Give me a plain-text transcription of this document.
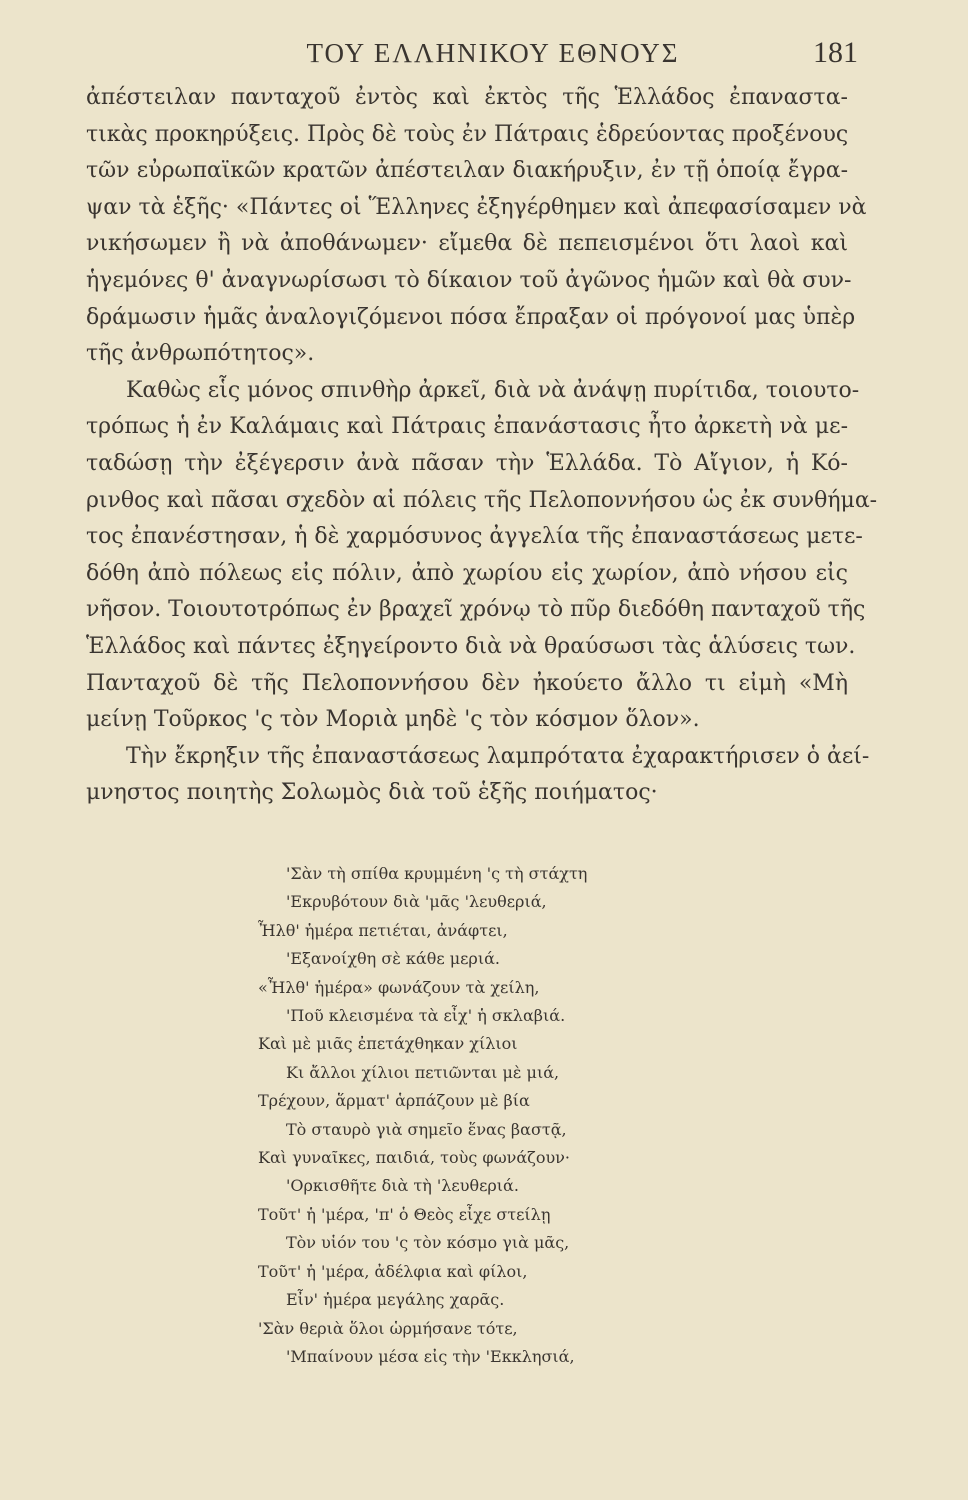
ΤΟΥ ΕΛΛΗΝΙΚΟΥ ΕΘΝΟΥΣ	181

ἀπέστειλαν πανταχοῦ ἐντὸς καὶ ἐκτὸς τῆς Ἑλλάδος ἐπαναστα-
τικὰς προκηρύξεις. Πρὸς δὲ τοὺς ἐν Πάτραις ἑδρεύοντας προξένους
τῶν εὐρωπαϊκῶν κρατῶν ἀπέστειλαν διακήρυξιν, ἐν τῇ ὁποίᾳ ἔγρα-
ψαν τὰ ἑξῆς· «Πάντες οἱ Ἕλληνες ἐξηγέρθημεν καὶ ἀπεφασίσαμεν νὰ
νικήσωμεν ἢ νὰ ἀποθάνωμεν· εἴμεθα δὲ πεπεισμένοι ὅτι λαοὶ καὶ
ἡγεμόνες θ' ἀναγνωρίσωσι τὸ δίκαιον τοῦ ἀγῶνος ἡμῶν καὶ θὰ συν-
δράμωσιν ἡμᾶς ἀναλογιζόμενοι πόσα ἔπραξαν οἱ πρόγονοί μας ὑπὲρ
τῆς ἀνθρωπότητος».

Καθὼς εἷς μόνος σπινθὴρ ἀρκεῖ, διὰ νὰ ἀνάψῃ πυρίτιδα, τοιουτο-
τρόπως ἡ ἐν Καλάμαις καὶ Πάτραις ἐπανάστασις ἦτο ἀρκετὴ νὰ με-
ταδώσῃ τὴν ἐξέγερσιν ἀνὰ πᾶσαν τὴν Ἑλλάδα. Τὸ Αἴγιον, ἡ Κό-
ρινθος καὶ πᾶσαι σχεδὸν αἱ πόλεις τῆς Πελοποννήσου ὡς ἐκ συνθήμα-
τος ἐπανέστησαν, ἡ δὲ χαρμόσυνος ἀγγελία τῆς ἐπαναστάσεως μετε-
δόθη ἀπὸ πόλεως εἰς πόλιν, ἀπὸ χωρίου εἰς χωρίον, ἀπὸ νήσου εἰς
νῆσον. Τοιουτοτρόπως ἐν βραχεῖ χρόνῳ τὸ πῦρ διεδόθη πανταχοῦ τῆς
Ἑλλάδος καὶ πάντες ἐξηγείροντο διὰ νὰ θραύσωσι τὰς ἁλύσεις των.
Πανταχοῦ δὲ τῆς Πελοποννήσου δὲν ἠκούετο ἄλλο τι εἰμὴ «Μὴ
μείνῃ Τοῦρκος 'ς τὸν Μοριὰ μηδὲ 'ς τὸν κόσμον ὅλον».

Τὴν ἔκρηξιν τῆς ἐπαναστάσεως λαμπρότατα ἐχαρακτήρισεν ὁ ἀεί-
μνηστος ποιητὴς Σολωμὸς διὰ τοῦ ἑξῆς ποιήματος·

'Σὰν τὴ σπίθα κρυμμένη 'ς τὴ στάχτη
'Εκρυβότουν διὰ 'μᾶς 'λευθεριά,
Ἦλθ' ἡμέρα πετιέται, ἀνάφτει,
'Εξανοίχθη σὲ κάθε μεριά.
«Ἦλθ' ἡμέρα» φωνάζουν τὰ χείλη,
'Ποῦ κλεισμένα τὰ εἶχ' ἡ σκλαβιά.
Καὶ μὲ μιᾶς ἐπετάχθηκαν χίλιοι
Κι ἄλλοι χίλιοι πετιῶνται μὲ μιά,
Τρέχουν, ἅρματ' ἁρπάζουν μὲ βία
Τὸ σταυρὸ γιὰ σημεῖο ἕνας βαστᾷ,
Καὶ γυναῖκες, παιδιά, τοὺς φωνάζουν·
'Ορκισθῆτε διὰ τὴ 'λευθεριά.
Τοῦτ' ἡ 'μέρα, 'π' ὁ Θεὸς εἶχε στείλῃ
Τὸν υἱόν του 'ς τὸν κόσμο γιὰ μᾶς,
Τοῦτ' ἡ 'μέρα, ἀδέλφια καὶ φίλοι,
Εἶν' ἡμέρα μεγάλης χαρᾶς.
'Σὰν θεριὰ ὅλοι ὡρμήσανε τότε,
'Μπαίνουν μέσα εἰς τὴν 'Εκκλησιά,
